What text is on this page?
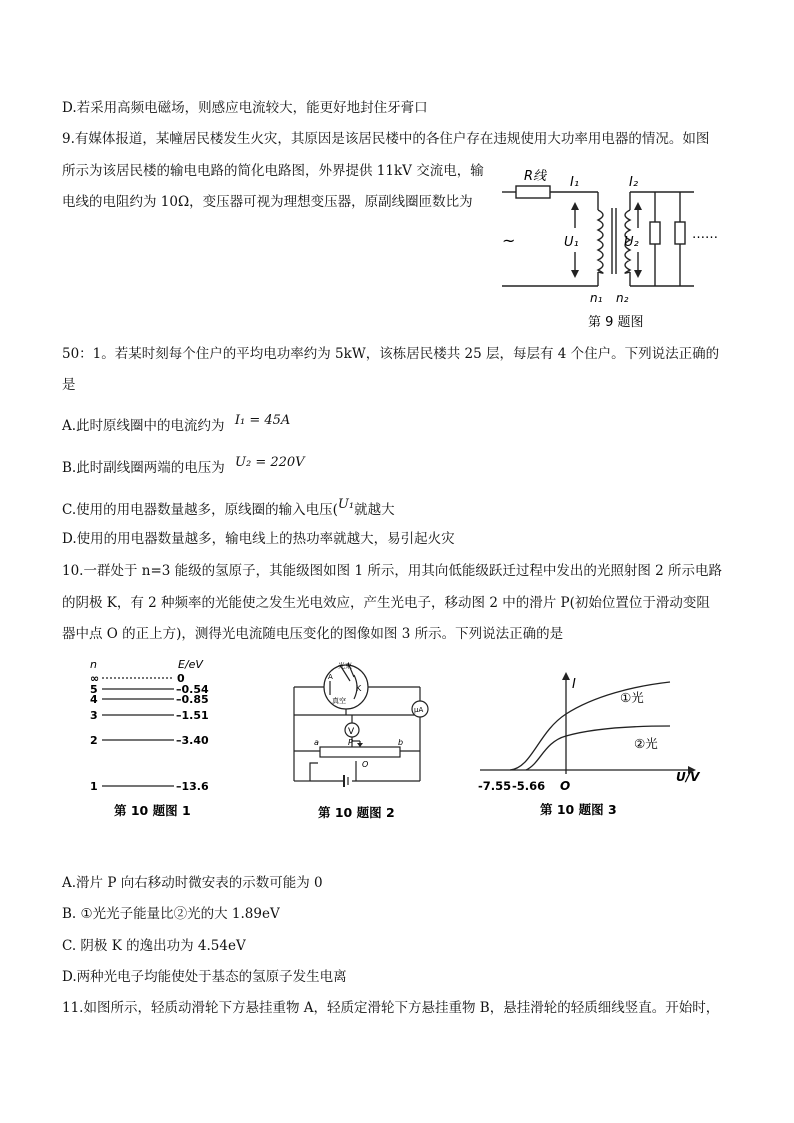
D.若采用高频电磁场，则感应电流较大，能更好地封住牙膏口
9.有媒体报道，某幢居民楼发生火灾，其原因是该居民楼中的各住户存在违规使用大功率用电器的情况。如图
所示为该居民楼的输电电路的简化电路图，外界提供 11kV 交流电，输
电线的电阻约为 10Ω，变压器可视为理想变压器，原副线圈匝数比为
50：1。若某时刻每个住户的平均电功率约为 5kW，该栋居民楼共 25 层，每层有 4 个住户。下列说法正确的
是
A.此时原线圈中的电流约为 I₁ = 45A
B.此时副线圈两端的电压为 U₂ = 220V
C.使用的用电器数量越多，原线圈的输入电压(U₁就越大
D.使用的用电器数量越多，输电线上的热功率就越大，易引起火灾
10.一群处于 n=3 能级的氢原子，其能级图如图 1 所示，用其向低能级跃迁过程中发出的光照射图 2 所示电路
的阴极 K，有 2 种频率的光能使之发生光电效应，产生光电子，移动图 2 中的滑片 P(初始位置位于滑动变阻
器中点 O 的正上方)，测得光电流随电压变化的图像如图 3 所示。下列说法正确的是
A.滑片 P 向右移动时微安表的示数可能为 0
B. ①光光子能量比②光的大 1.89eV
C. 阴极 K 的逸出功为 4.54eV
D.两种光电子均能使处于基态的氢原子发生电离
11.如图所示，轻质动滑轮下方悬挂重物 A，轻质定滑轮下方悬挂重物 B，悬挂滑轮的轻质细线竖直。开始时，
R线 I₁	I₂
U₁	U₂
n₁ n₂
~	……
第 9 题图
n	E/eV
∞	0
5	–0.54
4	–0.85
3	–1.51
2	–3.40
1	–13.6
第 10 题图 1
光束
K
A
真空
V
μA
a	b
P
O
第 10 题图 2
I
U/V
O
-7.55 -5.66
①光
②光
第 10 题图 3
